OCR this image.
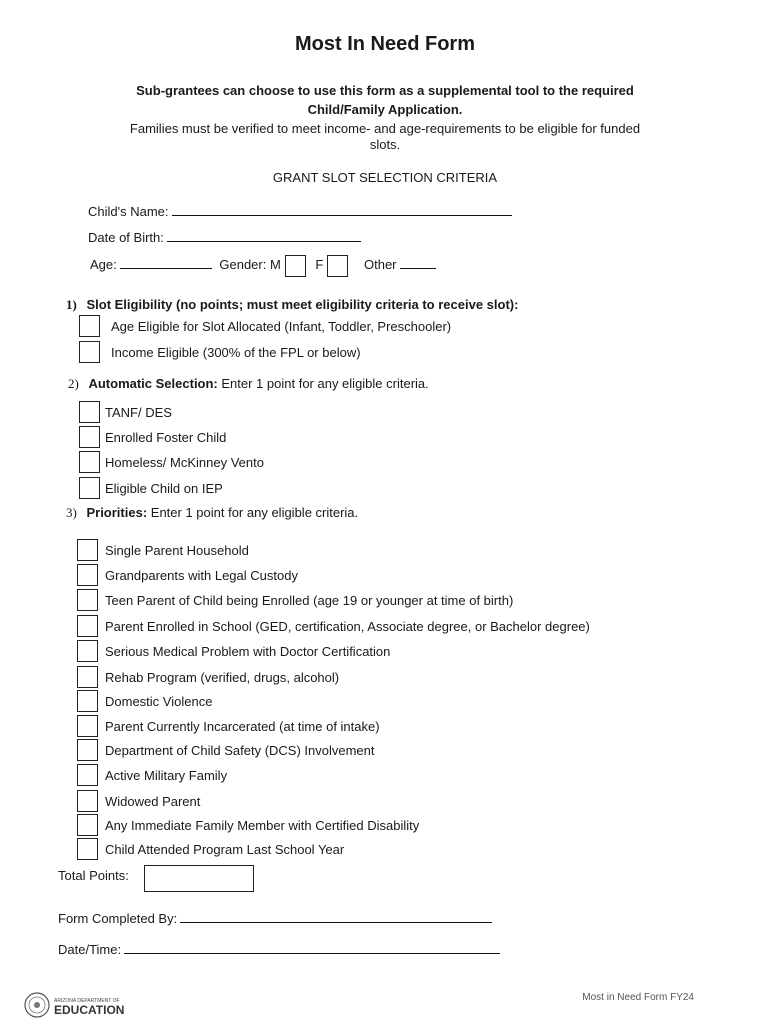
Most In Need Form
Sub-grantees can choose to use this form as a supplemental tool to the required
Child/Family Application.
Families must be verified to meet income- and age-requirements to be eligible for funded
slots.
GRANT SLOT SELECTION CRITERIA
Child's Name:
Date of Birth:
Age:	Gender: M	F	Other
1) Slot Eligibility (no points; must meet eligibility criteria to receive slot):
Age Eligible for Slot Allocated (Infant, Toddler, Preschooler)
Income Eligible (300% of the FPL or below)
2) Automatic Selection: Enter 1 point for any eligible criteria.
TANF/ DES
Enrolled Foster Child
Homeless/ McKinney Vento
Eligible Child on IEP
3) Priorities: Enter 1 point for any eligible criteria.
Single Parent Household
Grandparents with Legal Custody
Teen Parent of Child being Enrolled (age 19 or younger at time of birth)
Parent Enrolled in School (GED, certification, Associate degree, or Bachelor degree)
Serious Medical Problem with Doctor Certification
Rehab Program (verified, drugs, alcohol)
Domestic Violence
Parent Currently Incarcerated (at time of intake)
Department of Child Safety (DCS) Involvement
Active Military Family
Widowed Parent
Any Immediate Family Member with Certified Disability
Child Attended Program Last School Year
Total Points:
Form Completed By:
Date/Time:
ARIZONA DEPARTMENT OF
EDUCATION
Most in Need Form FY24
